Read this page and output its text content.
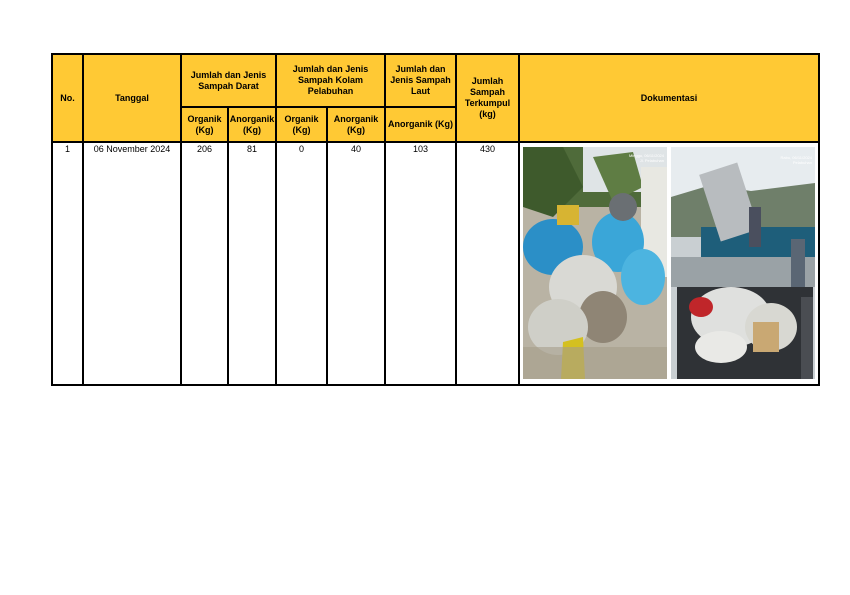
No.	Tanggal	Jumlah dan Jenis Sampah Darat		Jumlah dan Jenis Sampah Kolam Pelabuhan		Jumlah dan Jenis Sampah Laut	Jumlah Sampah Terkumpul (kg)	Dokumentasi
		Organik (Kg)	Anorganik (Kg)	Organik (Kg)	Anorganik (Kg)	Anorganik (Kg)		
1	06 November 2024	206	81	0	40	103	430	Minggu, 06/11/2024
Jl. Pelabuhan
Rabu, 06/11/2024
Pelabuhan
